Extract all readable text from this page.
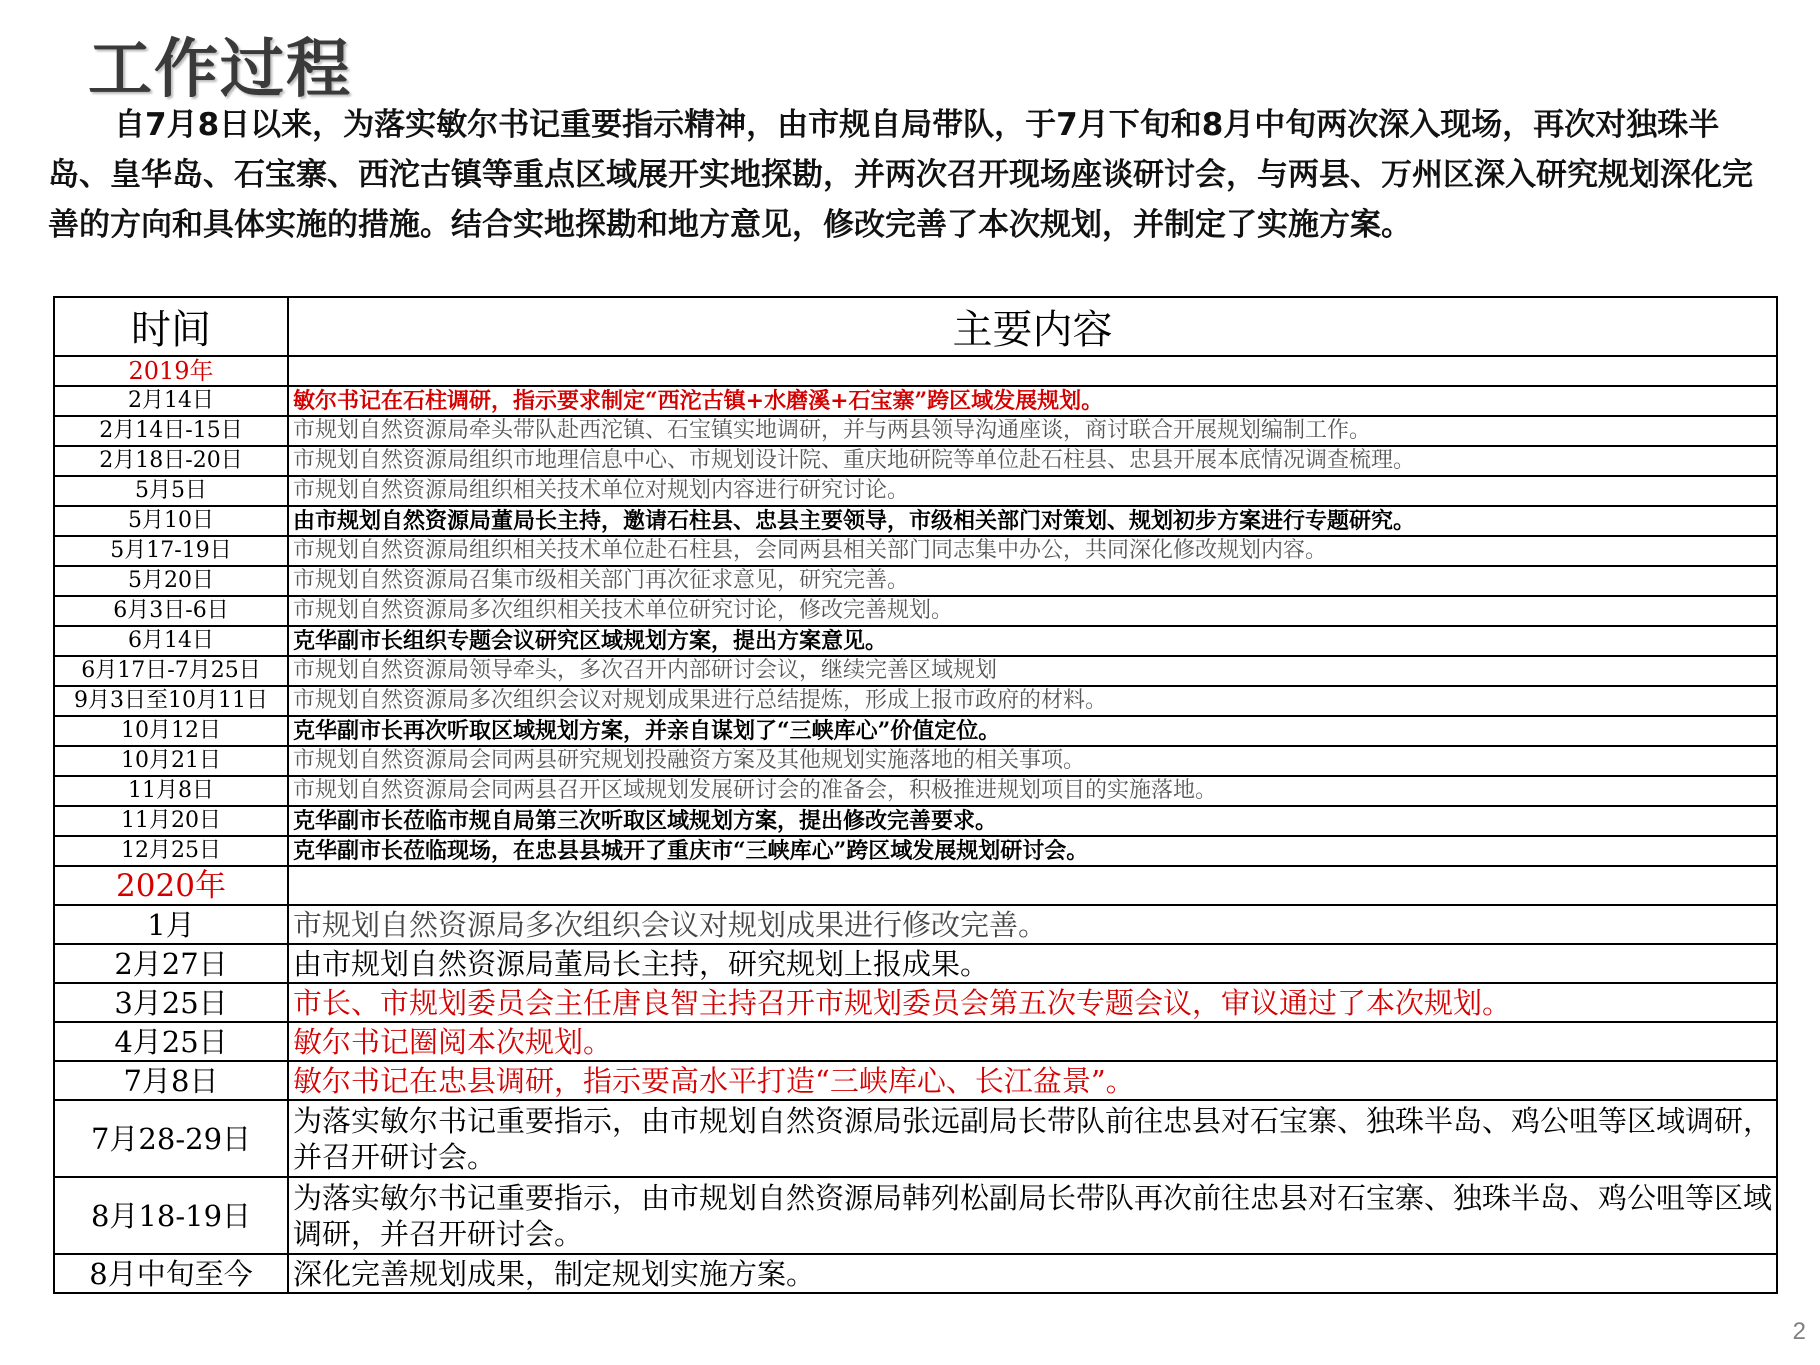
工作过程
自7月8日以来，为落实敏尔书记重要指示精神，由市规自局带队，于7月下旬和8月中旬两次深入现场，再次对独珠半岛、皇华岛、石宝寨、西沱古镇等重点区域展开实地探勘，并两次召开现场座谈研讨会，与两县、万州区深入研究规划深化完善的方向和具体实施的措施。结合实地探勘和地方意见，修改完善了本次规划，并制定了实施方案。
时间	主要内容
2019年	
2月14日	敏尔书记在石柱调研，指示要求制定“西沱古镇+水磨溪+石宝寨”跨区域发展规划。
2月14日-15日	市规划自然资源局牵头带队赴西沱镇、石宝镇实地调研，并与两县领导沟通座谈，商讨联合开展规划编制工作。
2月18日-20日	市规划自然资源局组织市地理信息中心、市规划设计院、重庆地研院等单位赴石柱县、忠县开展本底情况调查梳理。
5月5日	市规划自然资源局组织相关技术单位对规划内容进行研究讨论。
5月10日	由市规划自然资源局董局长主持，邀请石柱县、忠县主要领导，市级相关部门对策划、规划初步方案进行专题研究。
5月17-19日	市规划自然资源局组织相关技术单位赴石柱县，会同两县相关部门同志集中办公，共同深化修改规划内容。
5月20日	市规划自然资源局召集市级相关部门再次征求意见，研究完善。
6月3日-6日	市规划自然资源局多次组织相关技术单位研究讨论，修改完善规划。
6月14日	克华副市长组织专题会议研究区域规划方案，提出方案意见。
6月17日-7月25日	市规划自然资源局领导牵头，多次召开内部研讨会议，继续完善区域规划
9月3日至10月11日	市规划自然资源局多次组织会议对规划成果进行总结提炼，形成上报市政府的材料。
10月12日	克华副市长再次听取区域规划方案，并亲自谋划了“三峡库心”价值定位。
10月21日	市规划自然资源局会同两县研究规划投融资方案及其他规划实施落地的相关事项。
11月8日	市规划自然资源局会同两县召开区域规划发展研讨会的准备会，积极推进规划项目的实施落地。
11月20日	克华副市长莅临市规自局第三次听取区域规划方案，提出修改完善要求。
12月25日	克华副市长莅临现场，在忠县县城开了重庆市“三峡库心”跨区域发展规划研讨会。
2020年	
1月	市规划自然资源局多次组织会议对规划成果进行修改完善。
2月27日	由市规划自然资源局董局长主持，研究规划上报成果。
3月25日	市长、市规划委员会主任唐良智主持召开市规划委员会第五次专题会议，审议通过了本次规划。
4月25日	敏尔书记圈阅本次规划。
7月8日	敏尔书记在忠县调研，指示要高水平打造“三峡库心、长江盆景”。
7月28-29日	为落实敏尔书记重要指示，由市规划自然资源局张远副局长带队前往忠县对石宝寨、独珠半岛、鸡公咀等区域调研，并召开研讨会。
8月18-19日	为落实敏尔书记重要指示，由市规划自然资源局韩列松副局长带队再次前往忠县对石宝寨、独珠半岛、鸡公咀等区域调研，并召开研讨会。
8月中旬至今	深化完善规划成果，制定规划实施方案。
2
